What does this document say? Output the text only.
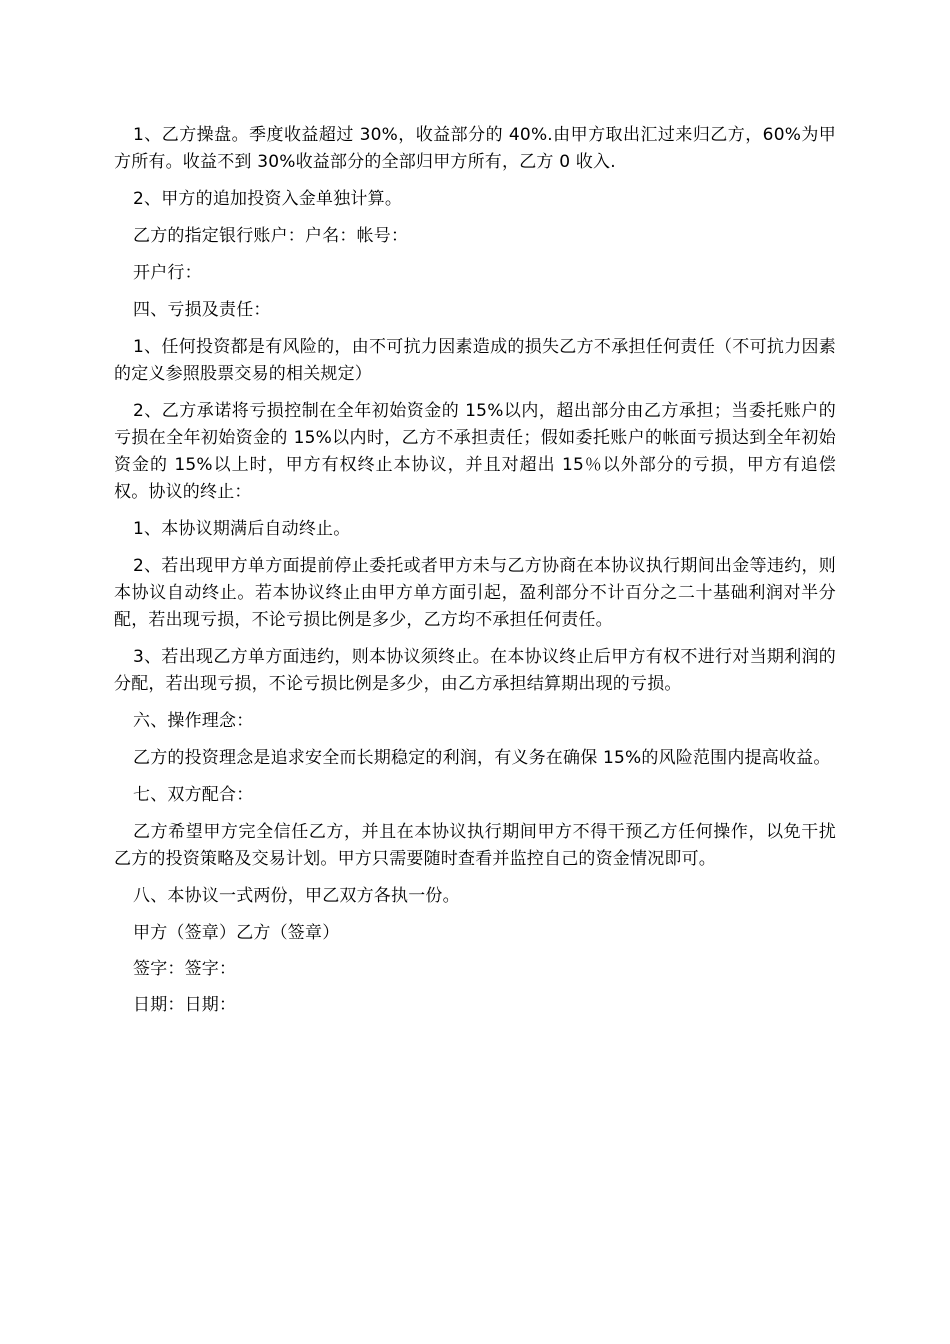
1、乙方操盘。季度收益超过 30%，收益部分的 40%.由甲方取出汇过来归乙方，60%为甲方所有。收益不到 30%收益部分的全部归甲方所有，乙方 0 收入.

2、甲方的追加投资入金单独计算。

乙方的指定银行账户：户名：帐号：

开户行：

四、亏损及责任：

1、任何投资都是有风险的，由不可抗力因素造成的损失乙方不承担任何责任（不可抗力因素的定义参照股票交易的相关规定）

2、乙方承诺将亏损控制在全年初始资金的 15%以内，超出部分由乙方承担；当委托账户的亏损在全年初始资金的 15%以内时，乙方不承担责任；假如委托账户的帐面亏损达到全年初始资金的 15%以上时，甲方有权终止本协议，并且对超出 15％以外部分的亏损，甲方有追偿权。协议的终止：

1、本协议期满后自动终止。

2、若出现甲方单方面提前停止委托或者甲方未与乙方协商在本协议执行期间出金等违约，则本协议自动终止。若本协议终止由甲方单方面引起，盈利部分不计百分之二十基础利润对半分配，若出现亏损，不论亏损比例是多少，乙方均不承担任何责任。

3、若出现乙方单方面违约，则本协议须终止。在本协议终止后甲方有权不进行对当期利润的分配，若出现亏损，不论亏损比例是多少，由乙方承担结算期出现的亏损。

六、操作理念：

乙方的投资理念是追求安全而长期稳定的利润，有义务在确保 15%的风险范围内提高收益。

七、双方配合：

乙方希望甲方完全信任乙方，并且在本协议执行期间甲方不得干预乙方任何操作，以免干扰乙方的投资策略及交易计划。甲方只需要随时查看并监控自己的资金情况即可。

八、本协议一式两份，甲乙双方各执一份。

甲方（签章）乙方（签章）

签字：签字：

日期：日期：
